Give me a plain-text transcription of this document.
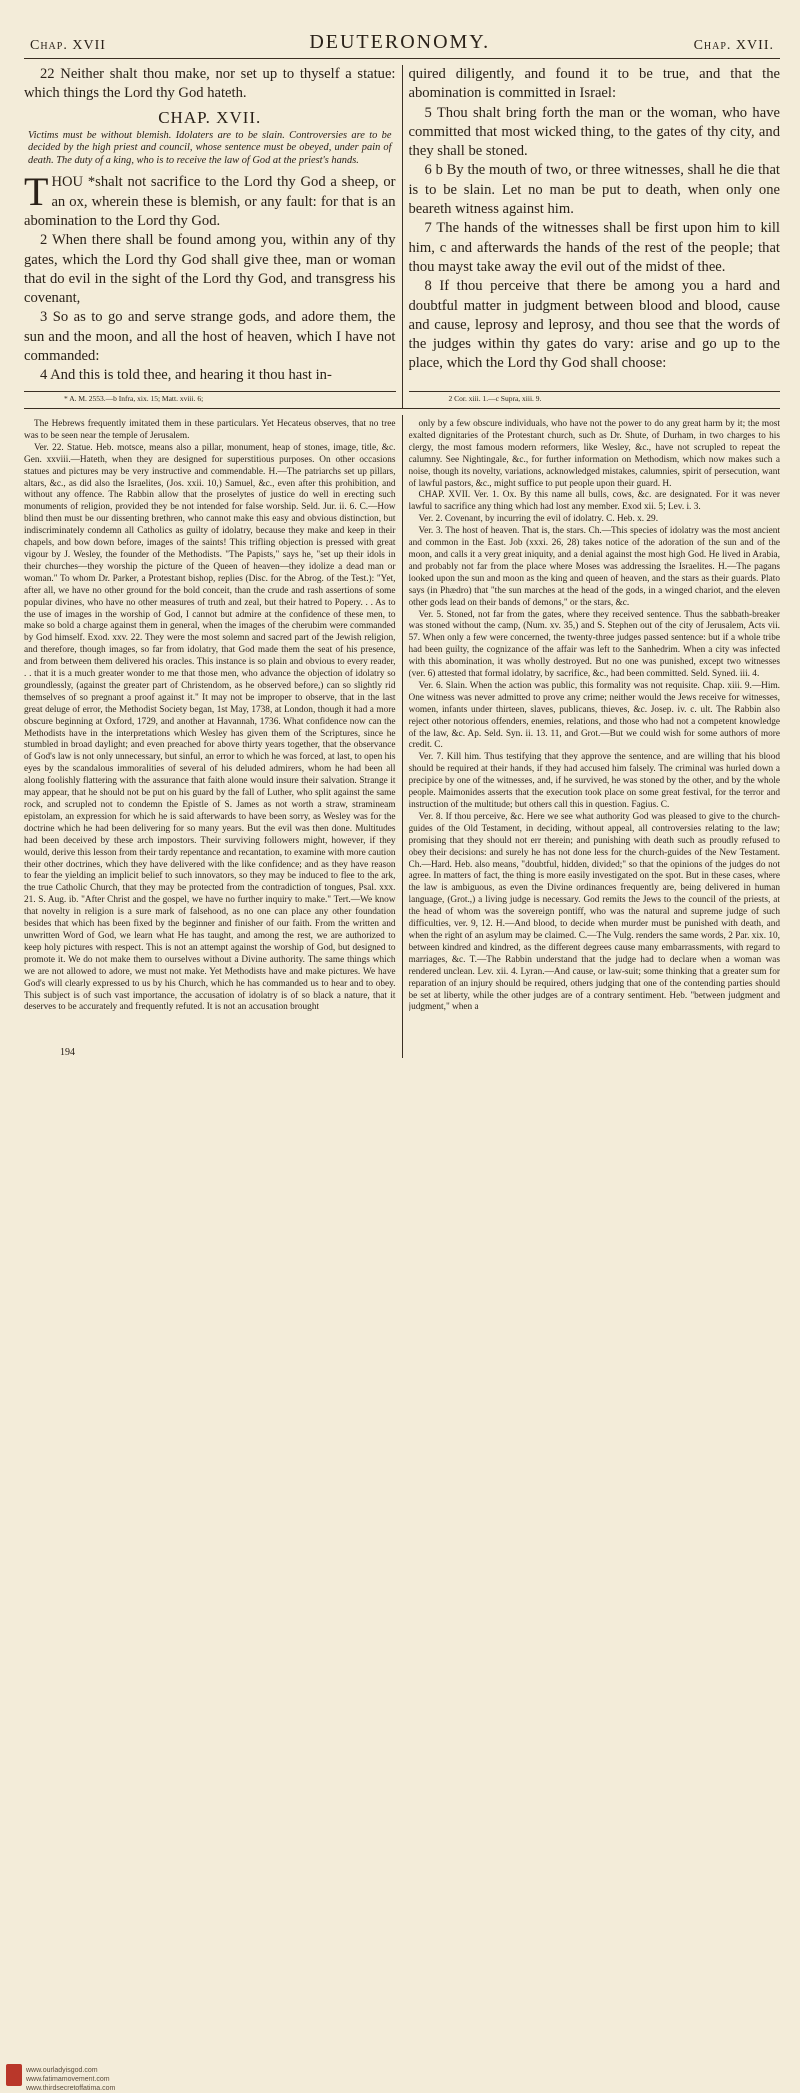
Chap. XVII	DEUTERONOMY.	Chap. XVII.

22 Neither shalt thou make, nor set up to thyself a statue: which things the Lord thy God hateth.

CHAP. XVII.

Victims must be without blemish. Idolaters are to be slain. Controversies are to be decided by the high priest and council, whose sentence must be obeyed, under pain of death. The duty of a king, who is to receive the law of God at the priest's hands.

THOU *shalt not sacrifice to the Lord thy God a sheep, or an ox, wherein these is blemish, or any fault: for that is an abomination to the Lord thy God.

2 When there shall be found among you, within any of thy gates, which the Lord thy God shall give thee, man or woman that do evil in the sight of the Lord thy God, and transgress his covenant,

3 So as to go and serve strange gods, and adore them, the sun and the moon, and all the host of heaven, which I have not commanded:

4 And this is told thee, and hearing it thou hast in-

* A. M. 2553.—b Infra, xix. 15; Matt. xviii. 6;

quired diligently, and found it to be true, and that the abomination is committed in Israel:

5 Thou shalt bring forth the man or the woman, who have committed that most wicked thing, to the gates of thy city, and they shall be stoned.

6 b By the mouth of two, or three witnesses, shall he die that is to be slain. Let no man be put to death, when only one beareth witness against him.

7 The hands of the witnesses shall be first upon him to kill him, c and afterwards the hands of the rest of the people; that thou mayst take away the evil out of the midst of thee.

8 If thou perceive that there be among you a hard and doubtful matter in judgment between blood and blood, cause and cause, leprosy and leprosy, and thou see that the words of the judges within thy gates do vary: arise and go up to the place, which the Lord thy God shall choose:

2 Cor. xiii. 1.—c Supra, xiii. 9.

The Hebrews frequently imitated them in these particulars. Yet Hecateus observes, that no tree was to be seen near the temple of Jerusalem.

Ver. 22. Statue. Heb. motsce, means also a pillar, monument, heap of stones, image, title, &c. Gen. xxviii.—Hateth, when they are designed for superstitious purposes. On other occasions statues and pictures may be very instructive and commendable. H.—The patriarchs set up pillars, altars, &c., as did also the Israelites, (Jos. xxii. 10,) Samuel, &c., even after this prohibition, and without any offence. The Rabbin allow that the proselytes of justice do well in erecting such monuments of religion, provided they be not intended for false worship. Seld. Jur. ii. 6. C.—How blind then must be our dissenting brethren, who cannot make this easy and obvious distinction, but indiscriminately condemn all Catholics as guilty of idolatry, because they make and keep in their chapels, and bow down before, images of the saints! This trifling objection is pressed with great vigour by J. Wesley, the founder of the Methodists. "The Papists," says he, "set up their idols in their churches—they worship the picture of the Queen of heaven—they idolize a dead man or woman." To whom Dr. Parker, a Protestant bishop, replies (Disc. for the Abrog. of the Test.): "Yet, after all, we have no other ground for the bold conceit, than the crude and rash assertions of some popular divines, who have no other measures of truth and zeal, but their hatred to Popery. . . As to the use of images in the worship of God, I cannot but admire at the confidence of these men, to make so bold a charge against them in general, when the images of the cherubim were commanded by God himself. Exod. xxv. 22. They were the most solemn and sacred part of the Jewish religion, and therefore, though images, so far from idolatry, that God made them the seat of his presence, and from between them delivered his oracles. This instance is so plain and obvious to every reader, . . that it is a much greater wonder to me that those men, who advance the objection of idolatry so groundlessly, (against the greater part of Christendom, as he observed before,) can so slightly rid themselves of so pregnant a proof against it." It may not be improper to observe, that in the last great deluge of error, the Methodist Society began, 1st May, 1738, at London, though it had a more obscure beginning at Oxford, 1729, and another at Havannah, 1736. What confidence now can the Methodists have in the interpretations which Wesley has given them of the Scriptures, since he stumbled in broad daylight; and even preached for above thirty years together, that the observance of God's law is not only unnecessary, but sinful, an error to which he was forced, at last, to open his eyes by the scandalous immoralities of several of his deluded admirers, whom he had been all along foolishly flattering with the assurance that faith alone would insure their salvation. Strange it may appear, that he should not be put on his guard by the fall of Luther, who split against the same rock, and scrupled not to condemn the Epistle of S. James as not worth a straw, stramineam epistolam, an expression for which he is said afterwards to have been sorry, as Wesley was for the doctrine which he had been delivering for so many years. But the evil was then done. Multitudes had been deceived by these arch impostors. Their surviving followers might, however, if they would, derive this lesson from their tardy repentance and recantation, to examine with more caution their other doctrines, which they have delivered with the like confidence; and as they have reason to fear the yielding an implicit belief to such innovators, so they may be induced to flee to the ark, the true Catholic Church, that they may be protected from the contradiction of tongues, Psal. xxx. 21. S. Aug. ib. "After Christ and the gospel, we have no further inquiry to make." Tert.—We know that novelty in religion is a sure mark of falsehood, as no one can place any other foundation besides that which has been fixed by the beginner and finisher of our faith. From the written and unwritten Word of God, we learn what He has taught, and among the rest, we are authorized to keep holy pictures with respect. This is not an attempt against the worship of God, but designed to promote it. We do not make them to ourselves without a Divine authority. The same things which we are not allowed to adore, we must not make. Yet Methodists have and make pictures. We have God's will clearly expressed to us by his Church, which he has commanded us to hear and to obey. This subject is of such vast importance, the accusation of idolatry is of so black a nature, that it deserves to be accurately and frequently refuted. It is not an accusation brought

194

only by a few obscure individuals, who have not the power to do any great harm by it; the most exalted dignitaries of the Protestant church, such as Dr. Shute, of Durham, in two charges to his clergy, the most famous modern reformers, like Wesley, &c., have not scrupled to repeat the calumny. See Nightingale, &c., for further information on Methodism, which now makes such a noise, though its novelty, variations, acknowledged mistakes, calumnies, spirit of persecution, want of lawful pastors, &c., might suffice to put people upon their guard. H.

CHAP. XVII. Ver. 1. Ox. By this name all bulls, cows, &c. are designated. For it was never lawful to sacrifice any thing which had lost any member. Exod xii. 5; Lev. i. 3.

Ver. 2. Covenant, by incurring the evil of idolatry. C. Heb. x. 29.

Ver. 3. The host of heaven. That is, the stars. Ch.—This species of idolatry was the most ancient and common in the East. Job (xxxi. 26, 28) takes notice of the adoration of the sun and of the moon, and calls it a very great iniquity, and a denial against the most high God. He lived in Arabia, and probably not far from the place where Moses was addressing the Israelites. H.—The pagans looked upon the sun and moon as the king and queen of heaven, and the stars as their guards. Plato says (in Phædro) that "the sun marches at the head of the gods, in a winged chariot, and the eleven other gods lead on their bands of demons," or the stars, &c.

Ver. 5. Stoned, not far from the gates, where they received sentence. Thus the sabbath-breaker was stoned without the camp, (Num. xv. 35,) and S. Stephen out of the city of Jerusalem, Acts vii. 57. When only a few were concerned, the twenty-three judges passed sentence: but if a whole tribe had been guilty, the cognizance of the affair was left to the Sanhedrim. When a city was infected with this abomination, it was wholly destroyed. But no one was punished, except two witnesses (ver. 6) attested that formal idolatry, by sacrifice, &c., had been committed. Seld. Syned. iii. 4.

Ver. 6. Slain. When the action was public, this formality was not requisite. Chap. xiii. 9.—Him. One witness was never admitted to prove any crime; neither would the Jews receive for witnesses, women, infants under thirteen, slaves, publicans, thieves, &c. Josep. iv. c. ult. The Rabbin also reject other notorious offenders, enemies, relations, and those who had not a competent knowledge of the law, &c. Ap. Seld. Syn. ii. 13. 11, and Grot.—But we could wish for some authors of more credit. C.

Ver. 7. Kill him. Thus testifying that they approve the sentence, and are willing that his blood should be required at their hands, if they had accused him falsely. The criminal was hurled down a precipice by one of the witnesses, and, if he survived, he was stoned by the other, and by the whole people. Maimonides asserts that the execution took place on some great festival, for the terror and instruction of the multitude; but others call this in question. Fagius. C.

Ver. 8. If thou perceive, &c. Here we see what authority God was pleased to give to the church-guides of the Old Testament, in deciding, without appeal, all controversies relating to the law; promising that they should not err therein; and punishing with death such as proudly refused to obey their decisions: and surely he has not done less for the church-guides of the New Testament. Ch.—Hard. Heb. also means, "doubtful, hidden, divided;" so that the opinions of the judges do not agree. In matters of fact, the thing is more easily investigated on the spot. But in these cases, where the law is ambiguous, as even the Divine ordinances frequently are, being delivered in human language, (Grot.,) a living judge is necessary. God remits the Jews to the council of the priests, at the head of whom was the sovereign pontiff, who was the natural and supreme judge of such difficulties, ver. 9, 12. H.—And blood, to decide when murder must be punished with death, and when the right of an asylum may be claimed. C.—The Vulg. renders the same words, 2 Par. xix. 10, between kindred and kindred, as the different degrees cause many embarrassments, with regard to marriages, &c. T.—The Rabbin understand that the judge had to declare when a woman was rendered unclean. Lev. xii. 4. Lyran.—And cause, or law-suit; some thinking that a greater sum for reparation of an injury should be required, others judging that one of the contending parties should be set at liberty, while the other judges are of a contrary sentiment. Heb. "between judgment and judgment," when a

www.ourladyisgod.com
www.fatimamovement.com
www.thirdsecretoffatima.com
